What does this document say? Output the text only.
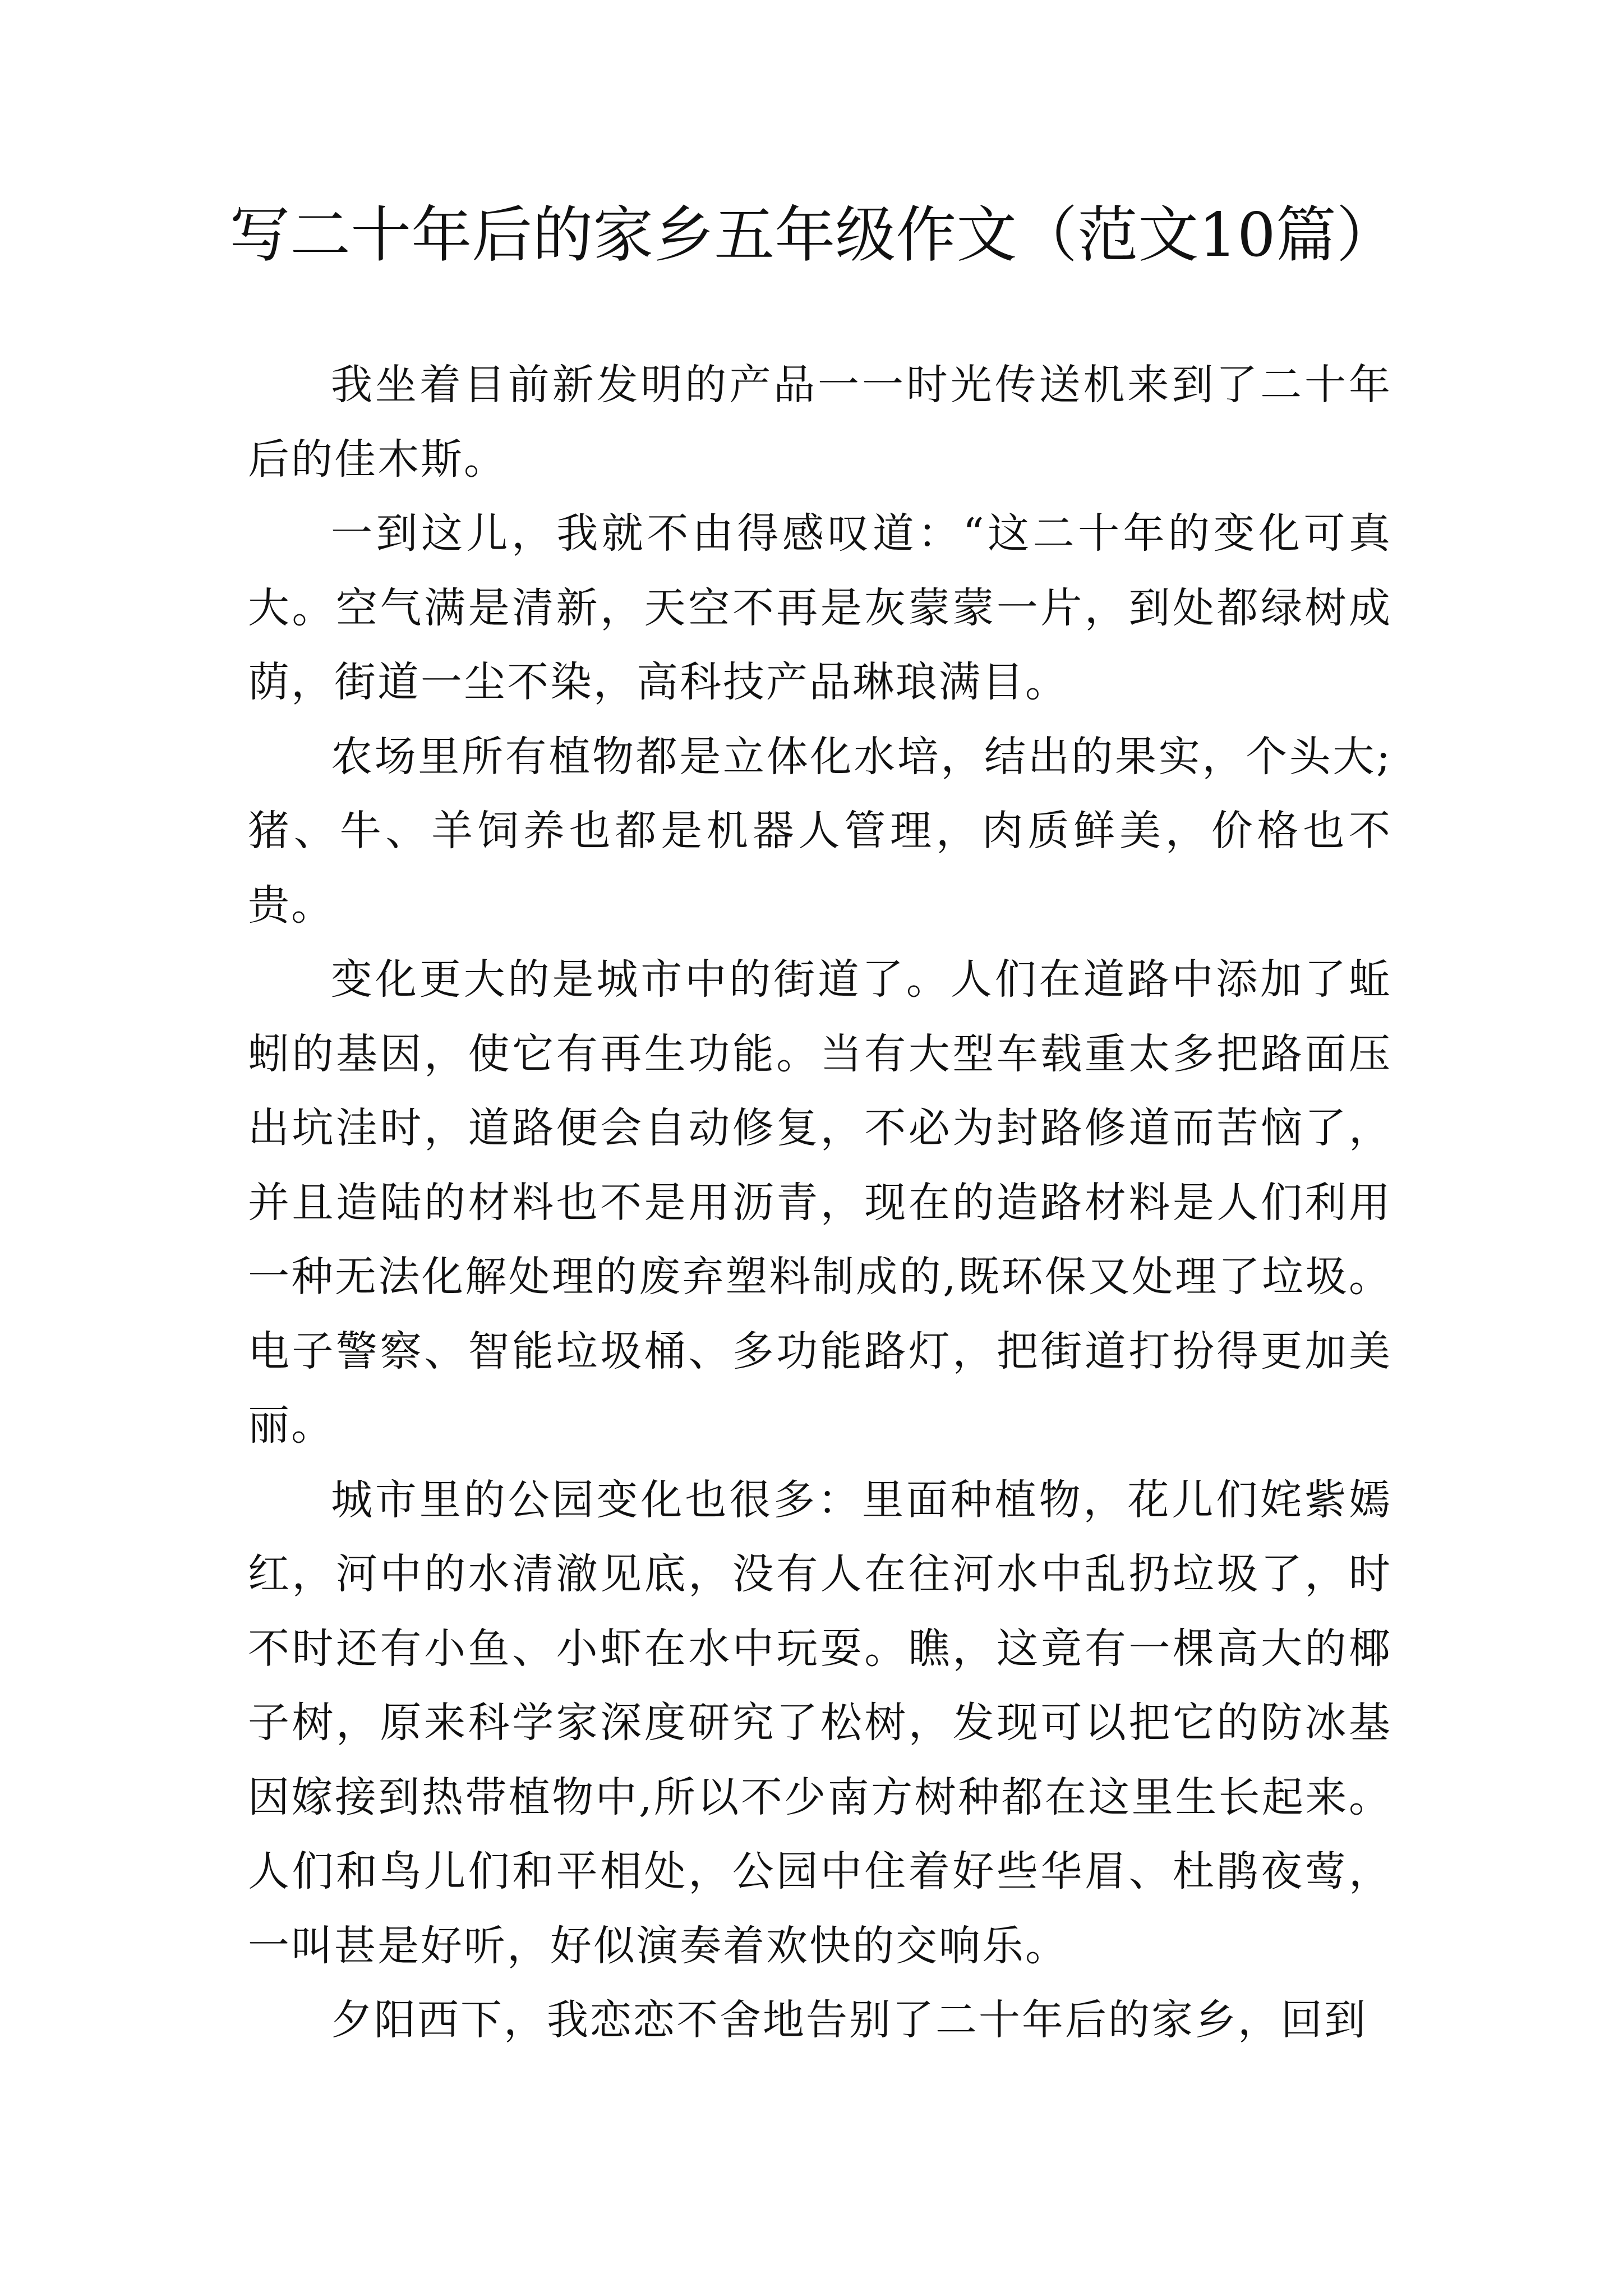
写二十年后的家乡五年级作文（范文10篇）

我坐着目前新发明的产品一一时光传送机来到了二十年后的佳木斯。

一到这儿，我就不由得感叹道：“这二十年的变化可真大。空气满是清新，天空不再是灰蒙蒙一片，到处都绿树成荫，街道一尘不染，高科技产品琳琅满目。

农场里所有植物都是立体化水培，结出的果实，个头大;猪、牛、羊饲养也都是机器人管理，肉质鲜美，价格也不贵。

变化更大的是城市中的街道了。人们在道路中添加了蚯蚓的基因，使它有再生功能。当有大型车载重太多把路面压出坑洼时，道路便会自动修复，不必为封路修道而苦恼了，并且造陆的材料也不是用沥青，现在的造路材料是人们利用一种无法化解处理的废弃塑料制成的,既环保又处理了垃圾。电子警察、智能垃圾桶、多功能路灯，把街道打扮得更加美丽。

城市里的公园变化也很多：里面种植物，花儿们姹紫嫣红，河中的水清澈见底，没有人在往河水中乱扔垃圾了，时不时还有小鱼、小虾在水中玩耍。瞧，这竟有一棵高大的椰子树，原来科学家深度研究了松树，发现可以把它的防冰基因嫁接到热带植物中,所以不少南方树种都在这里生长起来。人们和鸟儿们和平相处，公园中住着好些华眉、杜鹃夜莺，一叫甚是好听，好似演奏着欢快的交响乐。

夕阳西下，我恋恋不舍地告别了二十年后的家乡，回到
